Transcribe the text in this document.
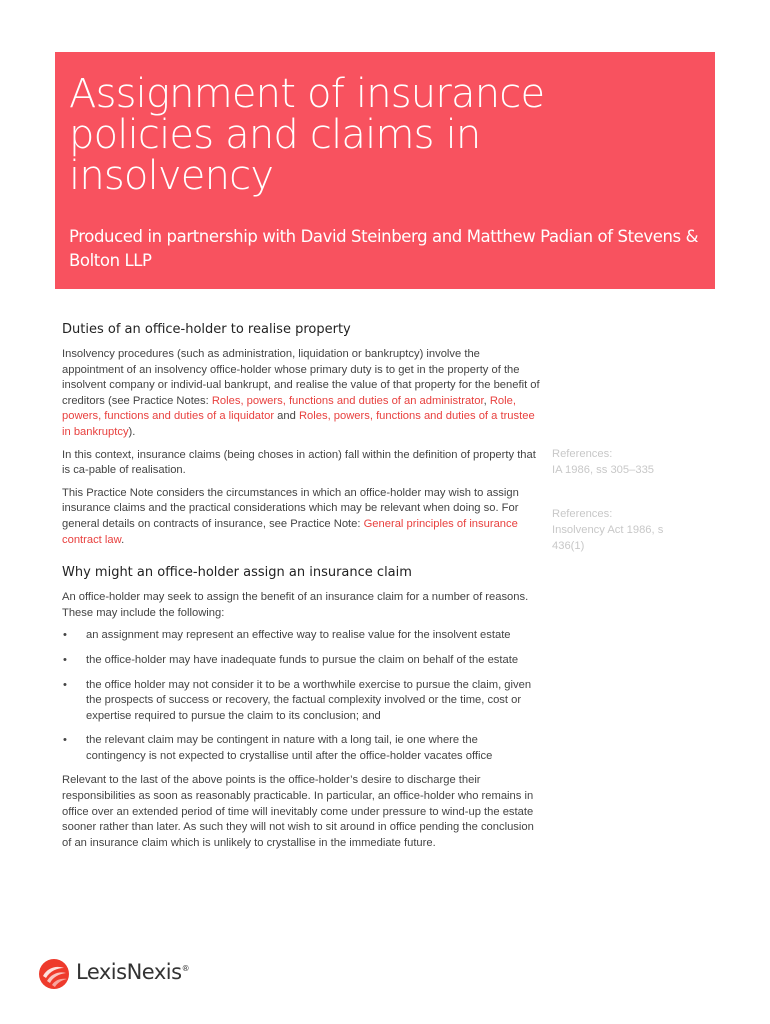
Assignment of insurance policies and claims in insolvency

Produced in partnership with David Steinberg and Matthew Padian of Stevens & Bolton LLP

Duties of an office-holder to realise property

Insolvency procedures (such as administration, liquidation or bankruptcy) involve the appointment of an insolvency office-holder whose primary duty is to get in the property of the insolvent company or individ-ual bankrupt, and realise the value of that property for the benefit of creditors (see Practice Notes: Roles, powers, functions and duties of an administrator, Role, powers, functions and duties of a liquidator and Roles, powers, functions and duties of a trustee in bankruptcy).

In this context, insurance claims (being choses in action) fall within the definition of property that is ca-pable of realisation.

This Practice Note considers the circumstances in which an office-holder may wish to assign insurance claims and the practical considerations which may be relevant when doing so. For general details on contracts of insurance, see Practice Note: General principles of insurance contract law.

Why might an office-holder assign an insurance claim

An office-holder may seek to assign the benefit of an insurance claim for a number of reasons. These may include the following:

• an assignment may represent an effective way to realise value for the insolvent estate
• the office-holder may have inadequate funds to pursue the claim on behalf of the estate
• the office holder may not consider it to be a worthwhile exercise to pursue the claim, given the prospects of success or recovery, the factual complexity involved or the time, cost or expertise required to pursue the claim to its conclusion; and
• the relevant claim may be contingent in nature with a long tail, ie one where the contingency is not expected to crystallise until after the office-holder vacates office

Relevant to the last of the above points is the office-holder’s desire to discharge their responsibilities as soon as reasonably practicable. In particular, an office-holder who remains in office over an extended period of time will inevitably come under pressure to wind-up the estate sooner rather than later. As such they will not wish to sit around in office pending the conclusion of an insurance claim which is unlikely to crystallise in the immediate future.

References:

IA 1986, ss 305–335

References:

Insolvency Act 1986, s 436(1)

LexisNexis®
